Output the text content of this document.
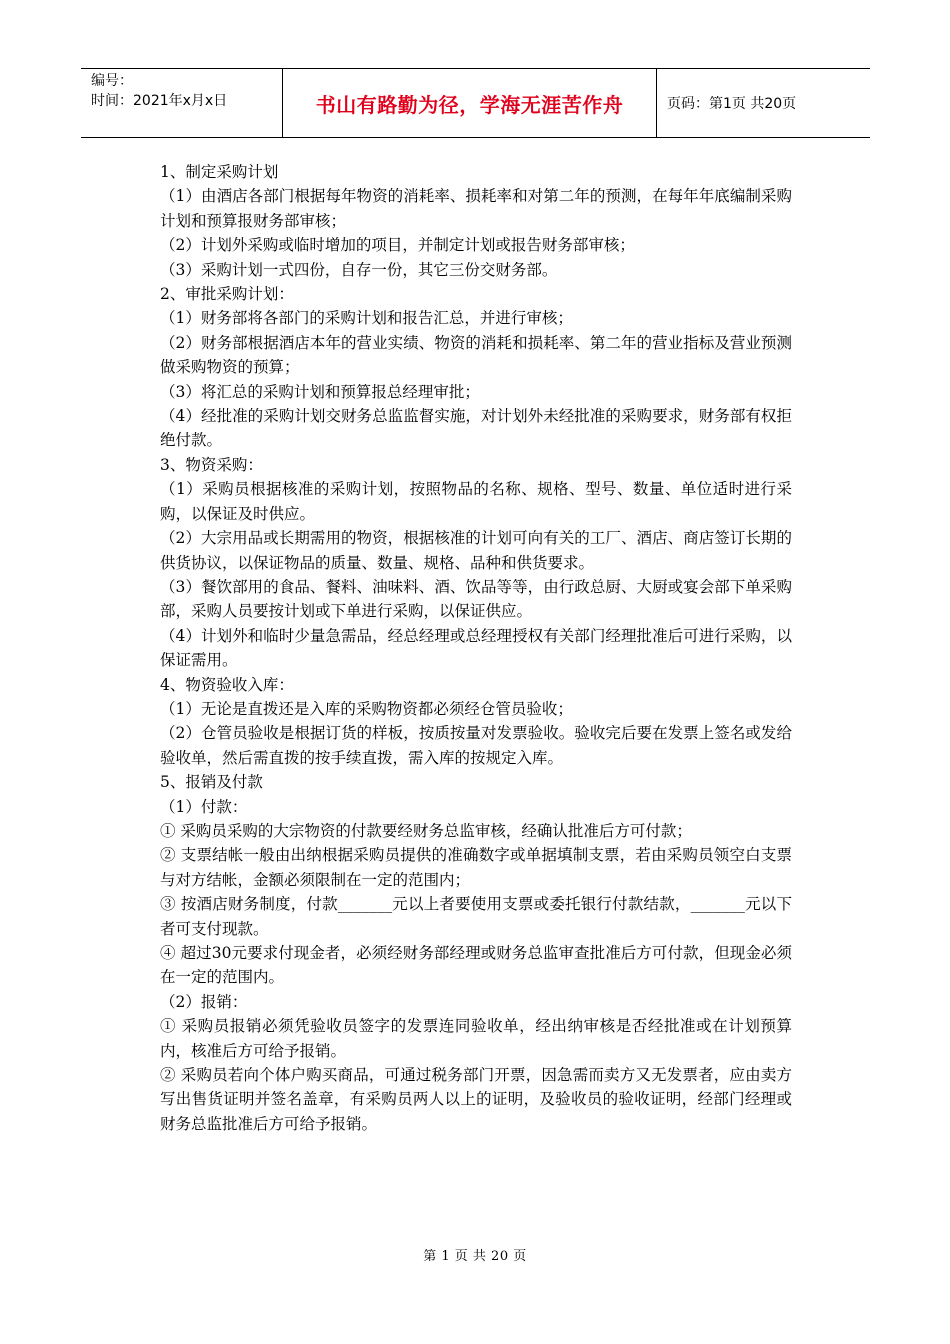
编号：
时间：2021年x月x日	书山有路勤为径，学海无涯苦作舟	页码：第1页 共20页

1、制定采购计划

（1）由酒店各部门根据每年物资的消耗率、损耗率和对第二年的预测，在每年年底编制采购计划和预算报财务部审核；

（2）计划外采购或临时增加的项目，并制定计划或报告财务部审核；

（3）采购计划一式四份，自存一份，其它三份交财务部。

2、审批采购计划：

（1）财务部将各部门的采购计划和报告汇总，并进行审核；

（2）财务部根据酒店本年的营业实绩、物资的消耗和损耗率、第二年的营业指标及营业预测做采购物资的预算；

（3）将汇总的采购计划和预算报总经理审批；

（4）经批准的采购计划交财务总监监督实施，对计划外未经批准的采购要求，财务部有权拒绝付款。

3、物资采购：

（1）采购员根据核准的采购计划，按照物品的名称、规格、型号、数量、单位适时进行采购，以保证及时供应。

（2）大宗用品或长期需用的物资，根据核准的计划可向有关的工厂、酒店、商店签订长期的供货协议，以保证物品的质量、数量、规格、品种和供货要求。

（3）餐饮部用的食品、餐料、油味料、酒、饮品等等，由行政总厨、大厨或宴会部下单采购部，采购人员要按计划或下单进行采购，以保证供应。

（4）计划外和临时少量急需品，经总经理或总经理授权有关部门经理批准后可进行采购，以保证需用。

4、物资验收入库：

（1）无论是直拨还是入库的采购物资都必须经仓管员验收；

（2）仓管员验收是根据订货的样板，按质按量对发票验收。验收完后要在发票上签名或发给验收单，然后需直拨的按手续直拨，需入库的按规定入库。

5、报销及付款

（1）付款：

① 采购员采购的大宗物资的付款要经财务总监审核，经确认批准后方可付款；

② 支票结帐一般由出纳根据采购员提供的准确数字或单据填制支票，若由采购员领空白支票与对方结帐，金额必须限制在一定的范围内；

③ 按酒店财务制度，付款_______元以上者要使用支票或委托银行付款结款，_______元以下者可支付现款。

④ 超过30元要求付现金者，必须经财务部经理或财务总监审查批准后方可付款，但现金必须在一定的范围内。

（2）报销：

① 采购员报销必须凭验收员签字的发票连同验收单，经出纳审核是否经批准或在计划预算内，核准后方可给予报销。

② 采购员若向个体户购买商品，可通过税务部门开票，因急需而卖方又无发票者，应由卖方写出售货证明并签名盖章，有采购员两人以上的证明，及验收员的验收证明，经部门经理或财务总监批准后方可给予报销。

第 1 页 共 20 页
